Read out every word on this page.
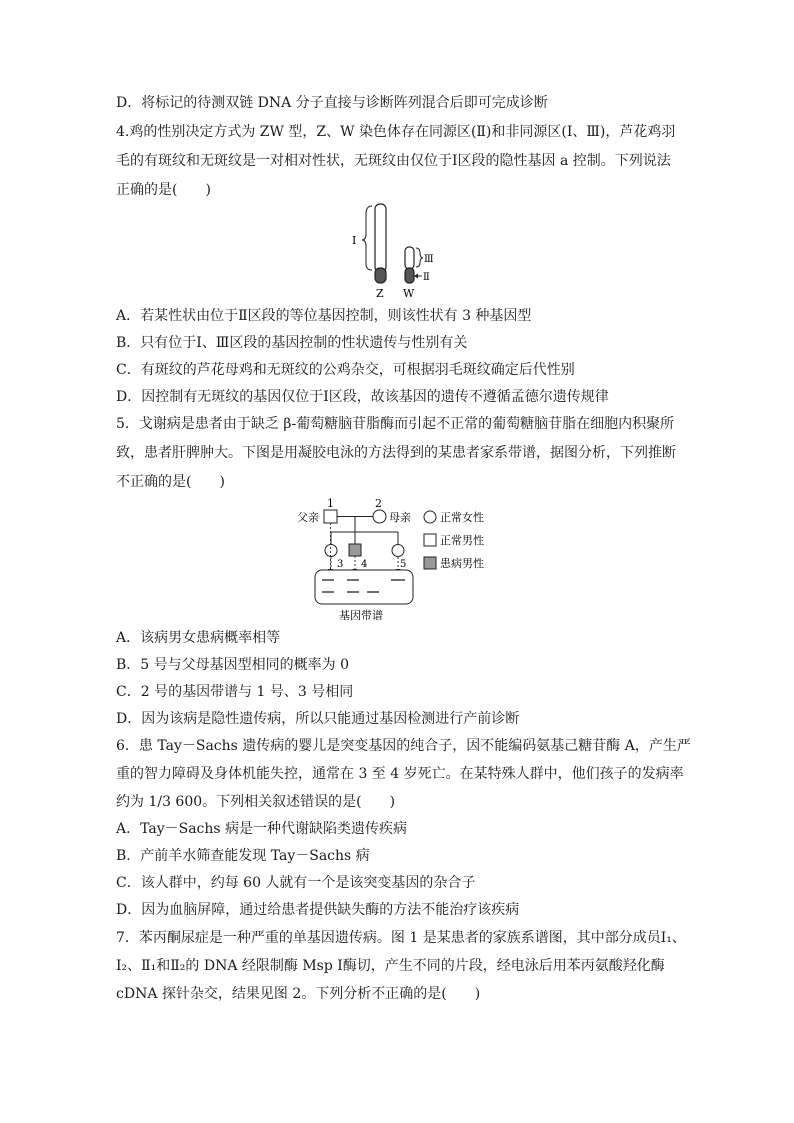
D．将标记的待测双链 DNA 分子直接与诊断阵列混合后即可完成诊断
4.鸡的性别决定方式为 ZW 型，Z、W 染色体存在同源区(Ⅱ)和非同源区(Ⅰ、Ⅲ)，芦花鸡羽
毛的有斑纹和无斑纹是一对相对性状，无斑纹由仅位于Ⅰ区段的隐性基因 a 控制。下列说法
正确的是(　　)
Ⅰ
Ⅲ
Ⅱ
Z W
A．若某性状由位于Ⅱ区段的等位基因控制，则该性状有 3 种基因型
B．只有位于Ⅰ、Ⅲ区段的基因控制的性状遗传与性别有关
C．有斑纹的芦花母鸡和无斑纹的公鸡杂交，可根据羽毛斑纹确定后代性别
D．因控制有无斑纹的基因仅位于Ⅰ区段，故该基因的遗传不遵循孟德尔遗传规律
5．戈谢病是患者由于缺乏 β-葡萄糖脑苷脂酶而引起不正常的葡萄糖脑苷脂在细胞内积聚所
致，患者肝脾肿大。下图是用凝胶电泳的方法得到的某患者家系带谱，据图分析，下列推断
不正确的是(　　)
1	2
父亲	母亲
3 4	5
基因带谱
正常女性
正常男性
患病男性
A．该病男女患病概率相等
B．5 号与父母基因型相同的概率为 0
C．2 号的基因带谱与 1 号、3 号相同
D．因为该病是隐性遗传病，所以只能通过基因检测进行产前诊断
6．患 Tay－Sachs 遗传病的婴儿是突变基因的纯合子，因不能编码氨基己糖苷酶 A，产生严
重的智力障碍及身体机能失控，通常在 3 至 4 岁死亡。在某特殊人群中，他们孩子的发病率
约为 1/3 600。下列相关叙述错误的是(　　)
A．Tay－Sachs 病是一种代谢缺陷类遗传疾病
B．产前羊水筛查能发现 Tay－Sachs 病
C．该人群中，约每 60 人就有一个是该突变基因的杂合子
D．因为血脑屏障，通过给患者提供缺失酶的方法不能治疗该疾病
7．苯丙酮尿症是一种严重的单基因遗传病。图 1 是某患者的家族系谱图，其中部分成员Ⅰ₁、
Ⅰ₂、Ⅱ₁和Ⅱ₂的 DNA 经限制酶 Msp Ⅰ酶切，产生不同的片段，经电泳后用苯丙氨酸羟化酶
cDNA 探针杂交，结果见图 2。下列分析不正确的是(　　)
